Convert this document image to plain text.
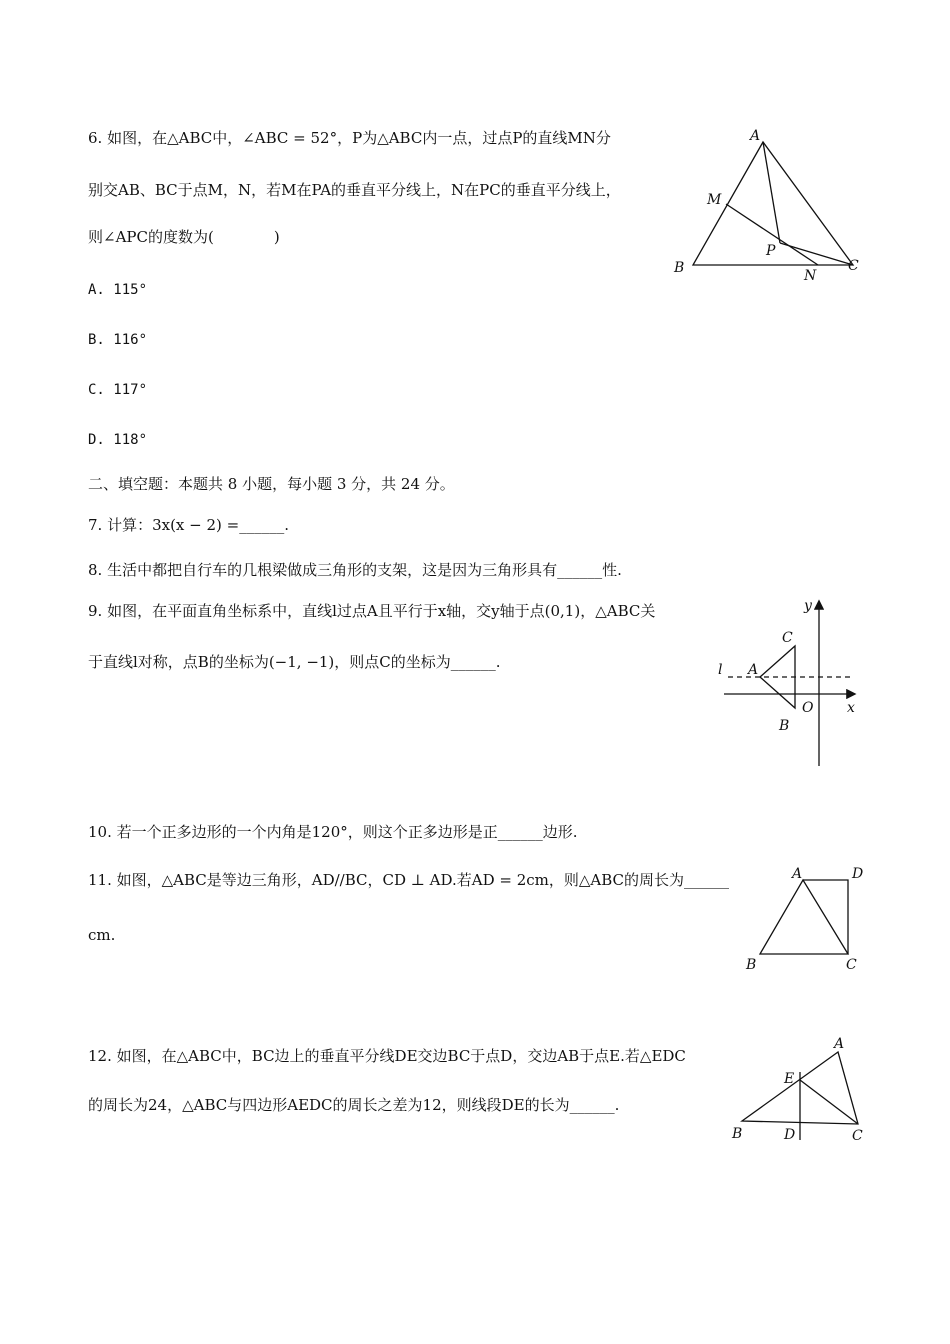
6. 如图，在△ABC中，∠ABC = 52°，P为△ABC内一点，过点P的直线MN分
别交AB、BC于点M，N，若M在PA的垂直平分线上，N在PC的垂直平分线上，
则∠APC的度数为(　　　　)
A. 115°
B. 116°
C. 117°
D. 118°
A
B	C
M
N
P
二、填空题：本题共 8 小题，每小题 3 分，共 24 分。
7. 计算：3x(x − 2) =______.
8. 生活中都把自行车的几根梁做成三角形的支架，这是因为三角形具有______性.
9. 如图，在平面直角坐标系中，直线l过点A且平行于x轴，交y轴于点(0,1)，△ABC关
于直线l对称，点B的坐标为(−1, −1)，则点C的坐标为______.
y
x
l A
C
B
O
10. 若一个正多边形的一个内角是120°，则这个正多边形是正______边形.
11. 如图，△ABC是等边三角形，AD//BC，CD ⊥ AD.若AD = 2cm，则△ABC的周长为______
cm.
A	D
B	C
12. 如图，在△ABC中，BC边上的垂直平分线DE交边BC于点D，交边AB于点E.若△EDC
的周长为24，△ABC与四边形AEDC的周长之差为12，则线段DE的长为______.
A
E
B	D	C
